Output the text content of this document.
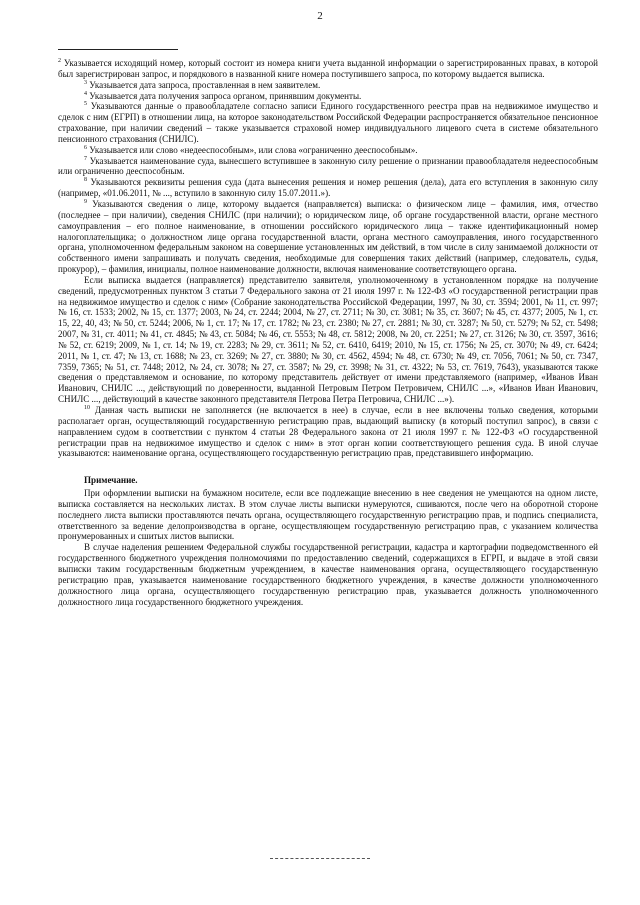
2

$^2$ Указывается исходящий номер, который состоит из номера книги учета выданной информации о зарегистрированных правах, в которой был зарегистрирован запрос, и порядкового в названной книге номера поступившего запроса, по которому выдается выписка.

$^3$ Указывается дата запроса, проставленная в нем заявителем.

$^4$ Указывается дата получения запроса органом, принявшим документы.

$^5$ Указываются данные о правообладателе согласно записи Единого государственного реестра прав на недвижимое имущество и сделок с ним (ЕГРП) в отношении лица, на которое законодательством Российской Федерации распространяется обязательное пенсионное страхование, при наличии сведений – также указывается страховой номер индивидуального лицевого счета в системе обязательного пенсионного страхования (СНИЛС).

$^6$ Указывается или слово «недееспособным», или слова «ограниченно дееспособным».

$^7$ Указывается наименование суда, вынесшего вступившее в законную силу решение о признании правообладателя недееспособным или ограниченно дееспособным.

$^8$ Указываются реквизиты решения суда (дата вынесения решения и номер решения (дела), дата его вступления в законную силу (например, «01.06.2011, № ..., вступило в законную силу 15.07.2011.»).

$^9$ Указываются сведения о лице, которому выдается (направляется) выписка: о физическом лице – фамилия, имя, отчество (последнее – при наличии), сведения СНИЛС (при наличии); о юридическом лице, об органе государственной власти, органе местного самоуправления – его полное наименование, в отношении российского юридического лица – также идентификационный номер налогоплательщика; о должностном лице органа государственной власти, органа местного самоуправления, иного государственного органа, уполномоченном федеральным законом на совершение установленных им действий, в том числе в силу занимаемой должности от собственного имени запрашивать и получать сведения, необходимые для совершения таких действий (например, следователь, судья, прокурор), – фамилия, инициалы, полное наименование должности, включая наименование соответствующего органа.

Если выписка выдается (направляется) представителю заявителя, уполномоченному в установленном порядке на получение сведений, предусмотренных пунктом 3 статьи 7 Федерального закона от 21 июля 1997 г. № 122-ФЗ «О государственной регистрации прав на недвижимое имущество и сделок с ним» (Собрание законодательства Российской Федерации, 1997, № 30, ст. 3594; 2001, № 11, ст. 997; № 16, ст. 1533; 2002, № 15, ст. 1377; 2003, № 24, ст. 2244; 2004, № 27, ст. 2711; № 30, ст. 3081; № 35, ст. 3607; № 45, ст. 4377; 2005, № 1, ст. 15, 22, 40, 43; № 50, ст. 5244; 2006, № 1, ст. 17; № 17, ст. 1782; № 23, ст. 2380; № 27, ст. 2881; № 30, ст. 3287; № 50, ст. 5279; № 52, ст. 5498; 2007, № 31, ст. 4011; № 41, ст. 4845; № 43, ст. 5084; № 46, ст. 5553; № 48, ст. 5812; 2008, № 20, ст. 2251; № 27, ст. 3126; № 30, ст. 3597, 3616; № 52, ст. 6219; 2009, № 1, ст. 14; № 19, ст. 2283; № 29, ст. 3611; № 52, ст. 6410, 6419; 2010, № 15, ст. 1756; № 25, ст. 3070; № 49, ст. 6424; 2011, № 1, ст. 47; № 13, ст. 1688; № 23, ст. 3269; № 27, ст. 3880; № 30, ст. 4562, 4594; № 48, ст. 6730; № 49, ст. 7056, 7061; № 50, ст. 7347, 7359, 7365; № 51, ст. 7448; 2012, № 24, ст. 3078; № 27, ст. 3587; № 29, ст. 3998; № 31, ст. 4322; № 53, ст. 7619, 7643), указываются также сведения о представляемом и основание, по которому представитель действует от имени представляемого (например, «Иванов Иван Иванович, СНИЛС ..., действующий по доверенности, выданной Петровым Петром Петровичем, СНИЛС ...», «Иванов Иван Иванович, СНИЛС ..., действующий в качестве законного представителя Петрова Петра Петровича, СНИЛС ...»).

$^{10}$ Данная часть выписки не заполняется (не включается в нее) в случае, если в нее включены только сведения, которыми располагает орган, осуществляющий государственную регистрацию прав, выдающий выписку (в который поступил запрос), в связи с направлением судом в соответствии с пунктом 4 статьи 28 Федерального закона от 21 июля 1997 г. № 122-ФЗ «О государственной регистрации прав на недвижимое имущество и сделок с ним» в этот орган копии соответствующего решения суда. В иной случае указываются: наименование органа, осуществляющего государственную регистрацию прав, представившего информацию.

Примечание.

При оформлении выписки на бумажном носителе, если все подлежащие внесению в нее сведения не умещаются на одном листе, выписка составляется на нескольких листах. В этом случае листы выписки нумеруются, сшиваются, после чего на оборотной стороне последнего листа выписки проставляются печать органа, осуществляющего государственную регистрацию прав, и подпись специалиста, ответственного за ведение делопроизводства в органе, осуществляющем государственную регистрацию прав, с указанием количества пронумерованных и сшитых листов выписки.

В случае наделения решением Федеральной службы государственной регистрации, кадастра и картографии подведомственного ей государственного бюджетного учреждения полномочиями по предоставлению сведений, содержащихся в ЕГРП, и выдаче в этой связи выписки таким государственным бюджетным учреждением, в качестве наименования органа, осуществляющего государственную регистрацию прав, указывается наименование государственного бюджетного учреждения, в качестве должности уполномоченного должностного лица органа, осуществляющего государственную регистрацию прав, указывается должность уполномоченного должностного лица государственного бюджетного учреждения.
